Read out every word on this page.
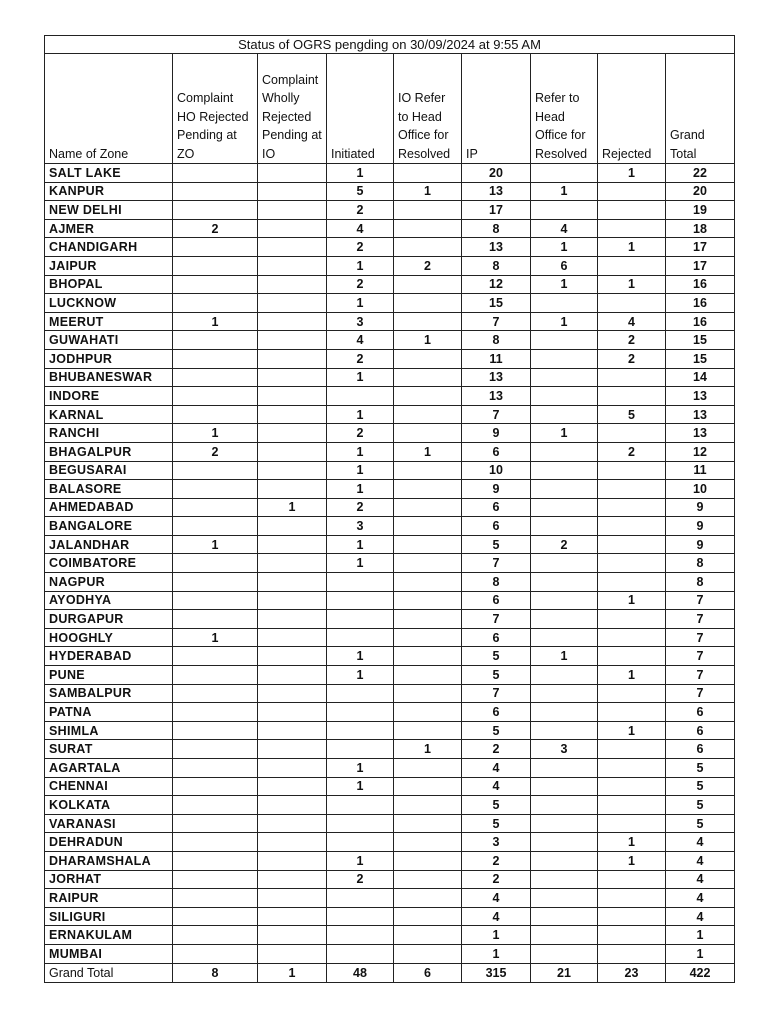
Status of OGRS pengding on 30/09/2024 at 9:55 AM								
Name of Zone	Complaint HO Rejected Pending at ZO	Complaint Wholly Rejected Pending at IO	Initiated	IO Refer to Head Office for Resolved	IP	Refer to Head Office for Resolved	Rejected	Grand Total
SALT LAKE			1		20		1	22
KANPUR			5	1	13	1		20
NEW DELHI			2		17			19
AJMER	2		4		8	4		18
CHANDIGARH			2		13	1	1	17
JAIPUR			1	2	8	6		17
BHOPAL			2		12	1	1	16
LUCKNOW			1		15			16
MEERUT	1		3		7	1	4	16
GUWAHATI			4	1	8		2	15
JODHPUR			2		11		2	15
BHUBANESWAR			1		13			14
INDORE					13			13
KARNAL			1		7		5	13
RANCHI	1		2		9	1		13
BHAGALPUR	2		1	1	6		2	12
BEGUSARAI			1		10			11
BALASORE			1		9			10
AHMEDABAD		1	2		6			9
BANGALORE			3		6			9
JALANDHAR	1		1		5	2		9
COIMBATORE			1		7			8
NAGPUR					8			8
AYODHYA					6		1	7
DURGAPUR					7			7
HOOGHLY	1				6			7
HYDERABAD			1		5	1		7
PUNE			1		5		1	7
SAMBALPUR					7			7
PATNA					6			6
SHIMLA					5		1	6
SURAT				1	2	3		6
AGARTALA			1		4			5
CHENNAI			1		4			5
KOLKATA					5			5
VARANASI					5			5
DEHRADUN					3		1	4
DHARAMSHALA			1		2		1	4
JORHAT			2		2			4
RAIPUR					4			4
SILIGURI					4			4
ERNAKULAM					1			1
MUMBAI					1			1
Grand Total	8	1	48	6	315	21	23	422
